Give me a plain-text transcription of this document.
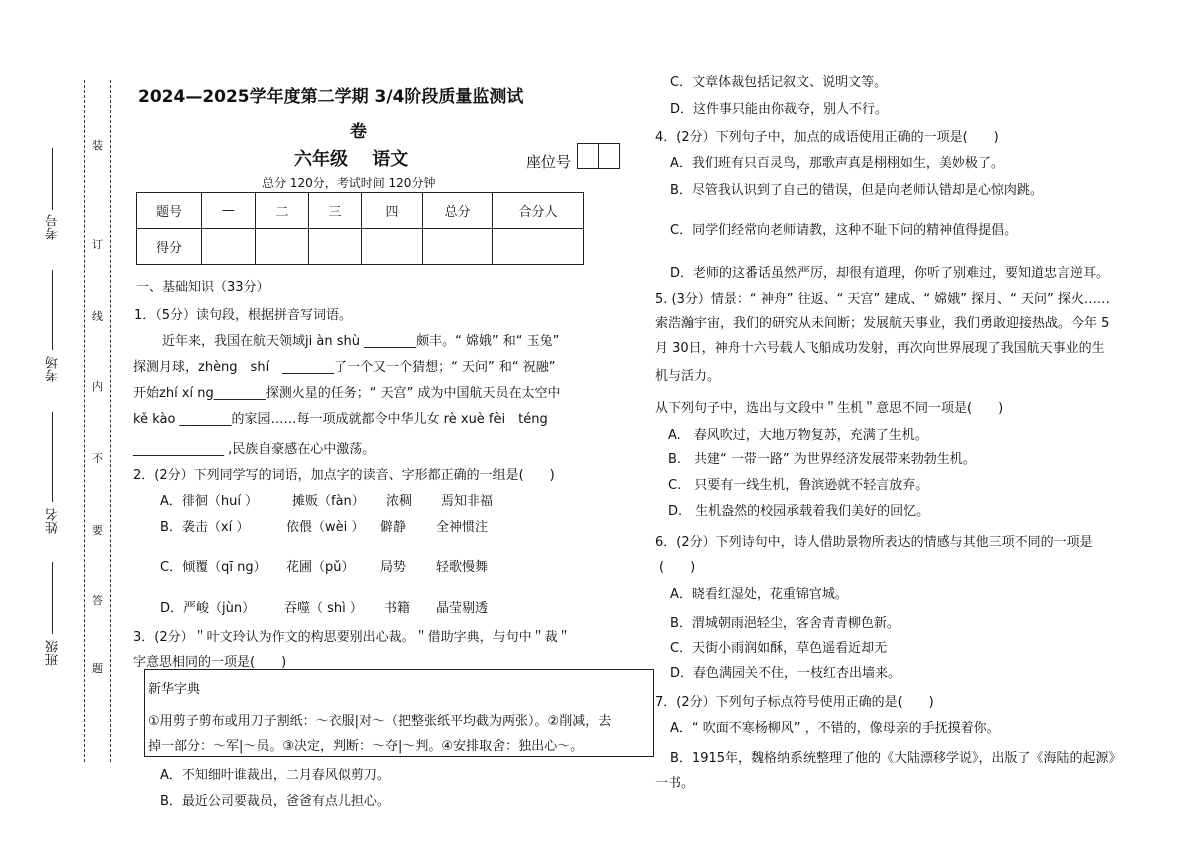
考号
考场
姓名
班级
装
订
线
内
不
要
答
题
2024—2025学年度第二学期 3/4阶段质量监测试
卷
六年级　 语文	座位号
总分 120分，考试时间 120分钟
题号	—	二	三	四	总分	合分人
得分						
一、基础知识（33分）
1．（5分）读句段，根据拼音写词语。
近年来，我国在航天领域ji àn shù ________颇丰。“ 嫦娥” 和“ 玉兔”
探测月球，zhèng　shí　________了一个又一个猜想；“ 天问” 和“ 祝融”
开始zhí xí ng________探测火星的任务；“ 天宫” 成为中国航天员在太空中
kě kào ________的家园……每一项成就都令中华儿女 rè xuè fèi　téng
______________ ,民族自豪感在心中激荡。
2．(2分）下列同学写的词语，加点字的读音、字形都正确的一组是(　　)
A．徘徊（huí ）	摊贩（fàn） 浓稠 焉知非福
B．袭击（xí ）	依偎（wèi ） 僻静 全神惯注
C．倾覆（qī ng） 花圃（pǔ） 局势 轻歌慢舞
D．严峻（jùn） 吞噬（ shì ） 书籍 晶莹剔透
3．(2分）＂叶文玲认为作文的构思要别出心裁。＂借助字典，与句中＂裁＂
字意思相同的一项是(　　)
新华字典
①用剪子剪布或用刀子割纸：～衣服|对～（把整张纸平均截为两张）。②削减，去
掉一部分：～军|～员。③决定，判断：～夺|～判。④安排取舍：独出心～。
A．不知细叶谁裁出，二月春风似剪刀。
B．最近公司要裁员，爸爸有点儿担心。
C．文章体裁包括记叙文、说明文等。
D．这件事只能由你裁夺，别人不行。
4．(2分）下列句子中，加点的成语使用正确的一项是(　　)
A．我们班有只百灵鸟，那歌声真是栩栩如生，美妙极了。
B．尽管我认识到了自己的错误，但是向老师认错却是心惊肉跳。
C．同学们经常向老师请教，这种不耻下问的精神值得提倡。
D．老师的这番话虽然严厉，却很有道理，你听了别难过，要知道忠言逆耳。
5. (3分）情景：“ 神舟” 往返、“ 天宫” 建成、“ 嫦娥” 探月、“ 天问” 探火……
索浩瀚宇宙，我们的研究从未间断；发展航天事业，我们勇敢迎接热战。今年 5
月 30日，神舟十六号载人飞船成功发射，再次向世界展现了我国航天事业的生
机与活力。
从下列句子中，选出与文段中＂生机＂意思不同一项是(　　)
A.　春风吹过，大地万物复苏，充满了生机。
B.　共建“ 一带一路” 为世界经济发展带来勃勃生机。
C.　只要有一线生机，鲁滨逊就不轻言放弃。
D.　生机盎然的校园承载着我们美好的回忆。
6．(2分）下列诗句中，诗人借助景物所表达的情感与其他三项不同的一项是
(　　)
A．晓看红湿处，花重锦官城。
B．渭城朝雨浥轻尘，客舍青青柳色新。
C．天街小雨润如酥，草色遥看近却无
D．春色满园关不住，一枝红杏出墙来。
7．(2分）下列句子标点符号使用正确的是(　　)
A．“ 吹面不寒杨柳风” ，不错的，像母亲的手抚摸着你。
B．1915年，魏格纳系统整理了他的《大陆漂移学说》，出版了《海陆的起源》
一书。
